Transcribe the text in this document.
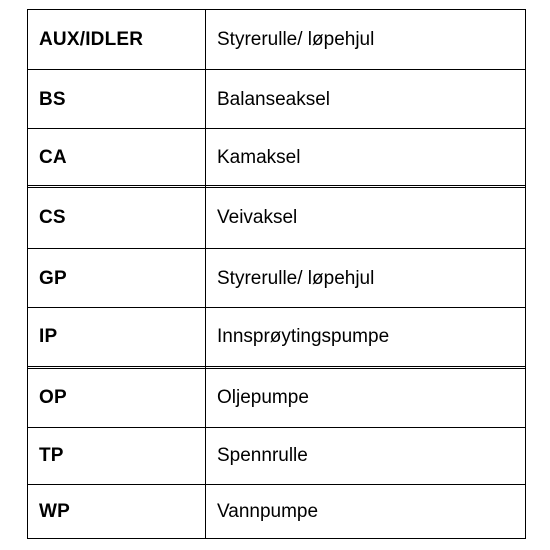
AUX/IDLER	Styrerulle/ løpehjul
BS	Balanseaksel
CA	Kamaksel
CS	Veivaksel
GP	Styrerulle/ løpehjul
IP	Innsprøytingspumpe
OP	Oljepumpe
TP	Spennrulle
WP	Vannpumpe
